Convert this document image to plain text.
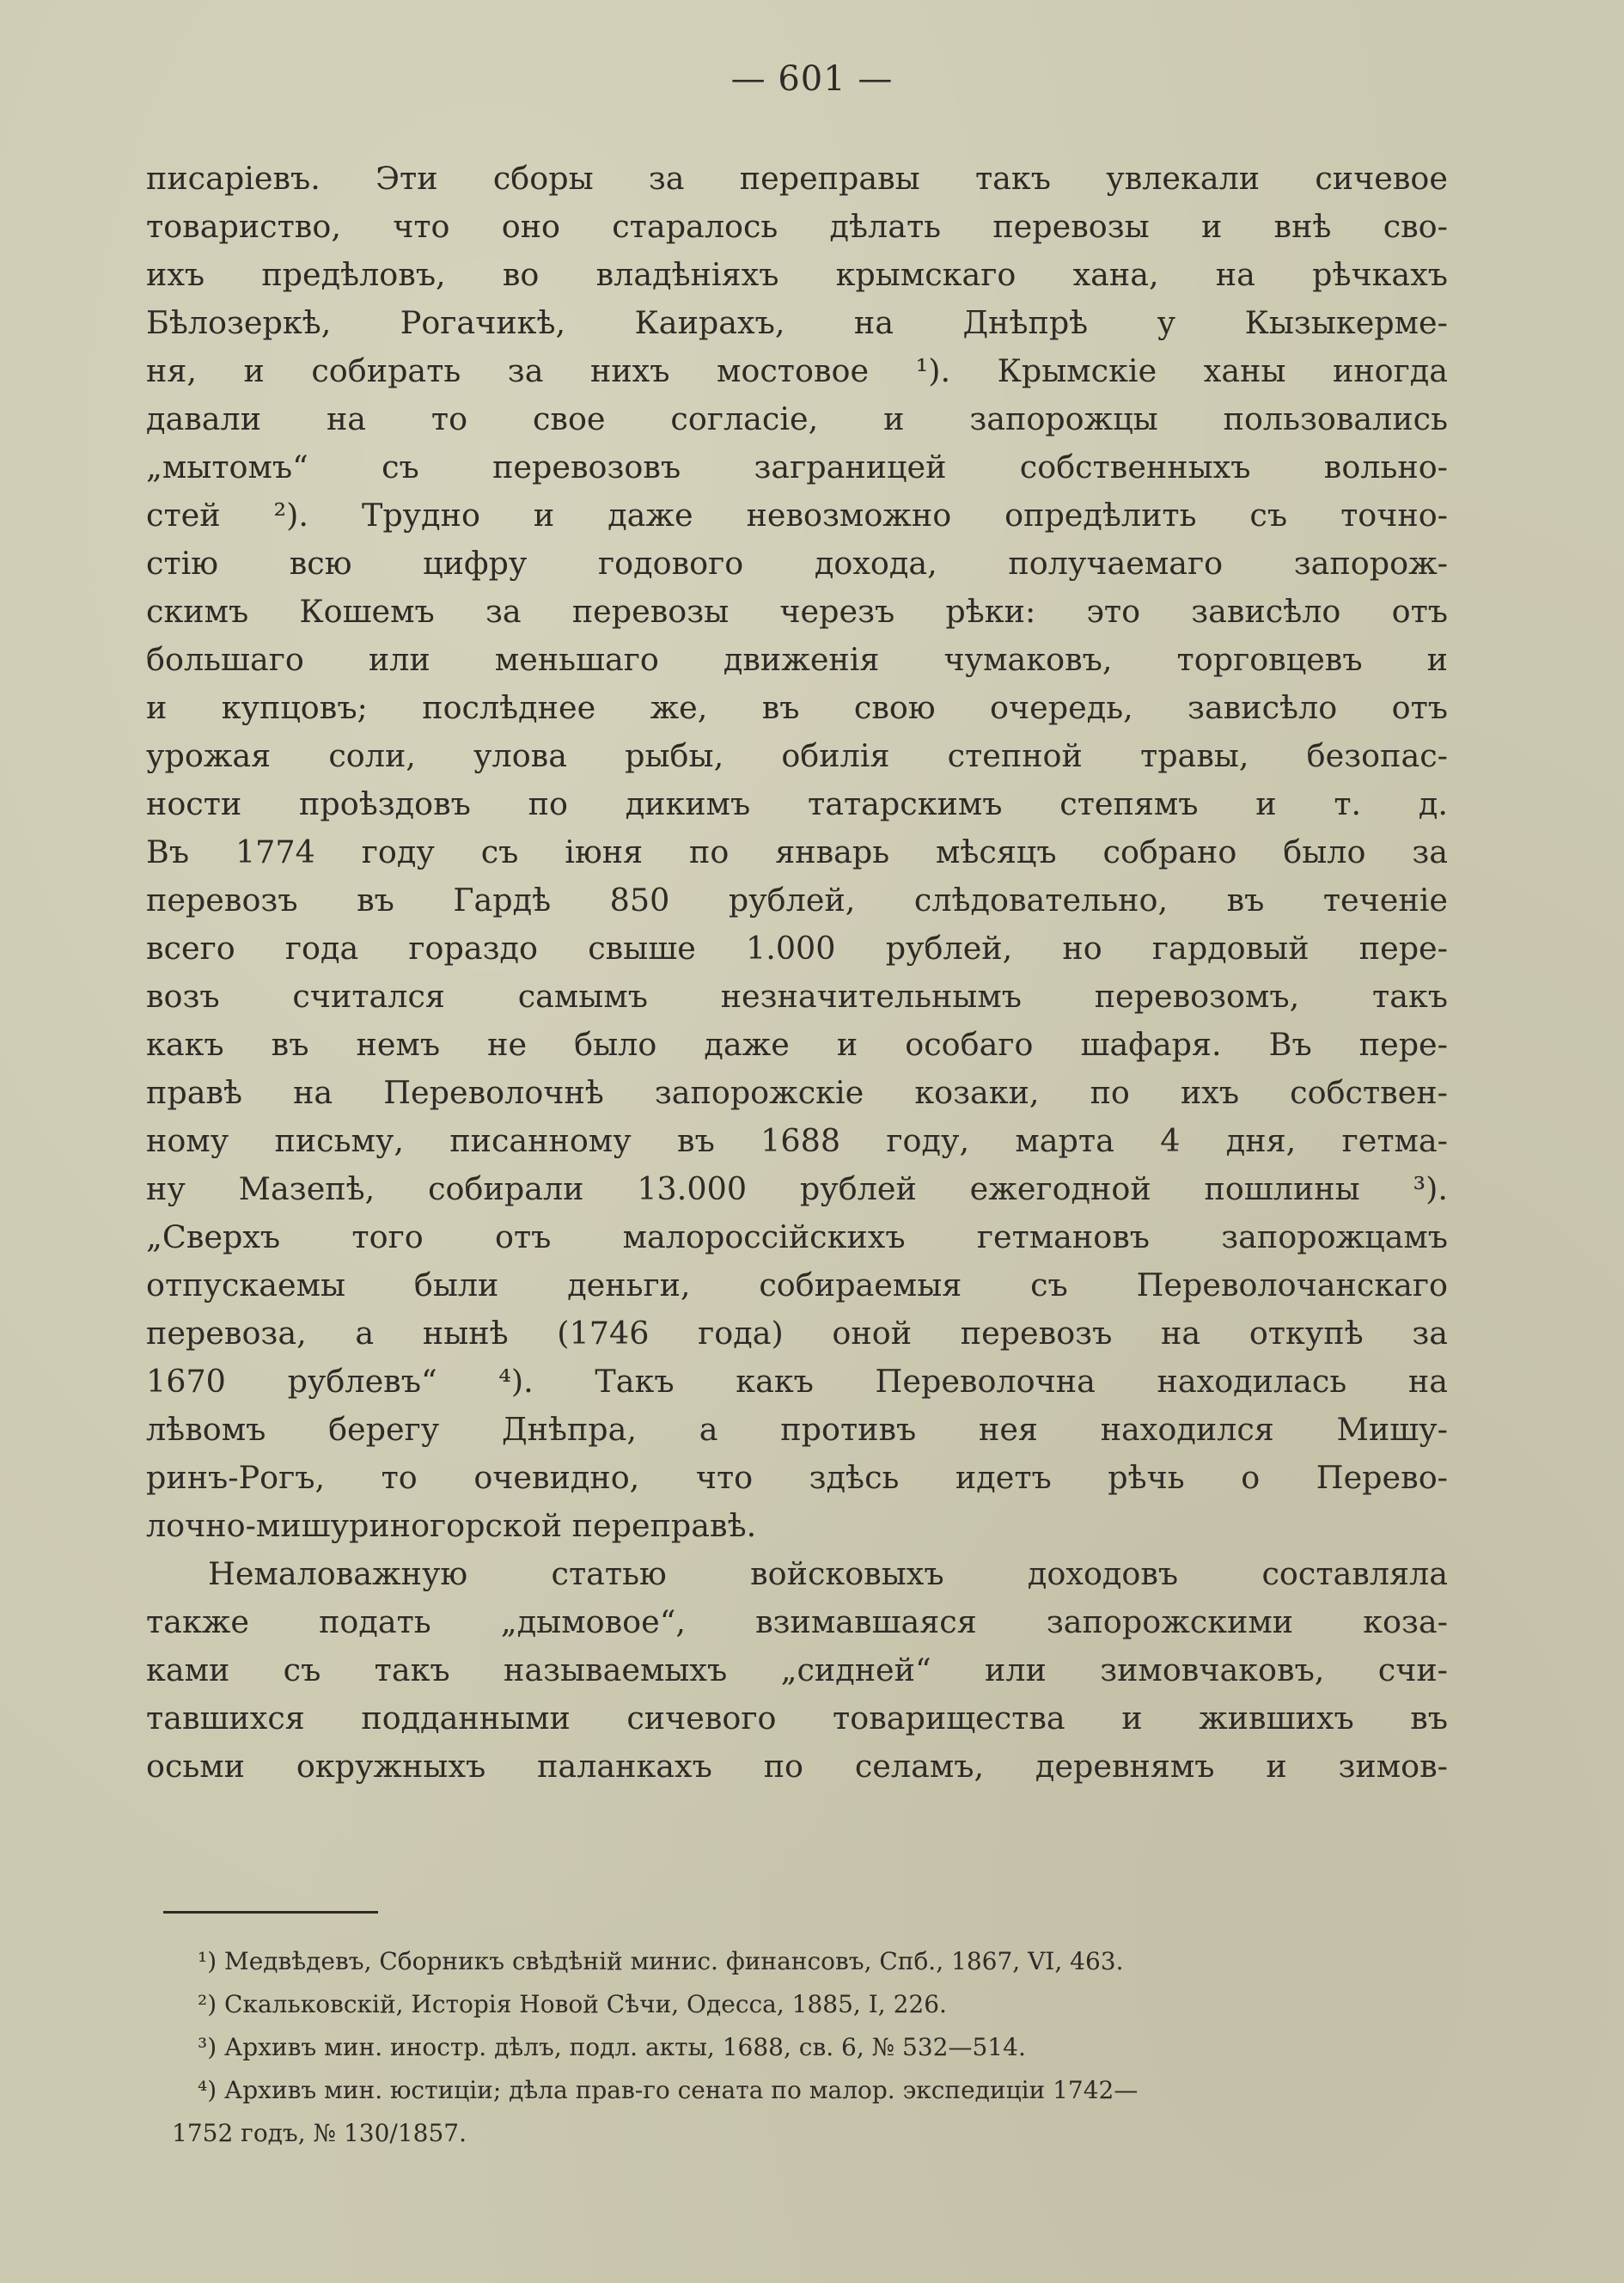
— 601 —
писаріевъ. Эти сборы за переправы такъ увлекали сичевое
товариство, что оно старалось дѣлать перевозы и внѣ сво-
ихъ предѣловъ, во владѣніяхъ крымскаго хана, на рѣчкахъ
Бѣлозеркѣ, Рогачикѣ, Каирахъ, на Днѣпрѣ у Кызыкерме-
ня, и собирать за нихъ мостовое ¹). Крымскіе ханы иногда
давали на то свое согласіе, и запорожцы пользовались
„мытомъ“ съ перевозовъ заграницей собственныхъ вольно-
стей ²). Трудно и даже невозможно опредѣлить съ точно-
стію всю цифру годового дохода, получаемаго запорож-
скимъ Кошемъ за перевозы черезъ рѣки: это зависѣло отъ
большаго или меньшаго движенія чумаковъ, торговцевъ и
и купцовъ; послѣднее же, въ свою очередь, зависѣло отъ
урожая соли, улова рыбы, обилія степной травы, безопас-
ности проѣздовъ по дикимъ татарскимъ степямъ и т. д.
Въ 1774 году съ іюня по январь мѣсяцъ собрано было за
перевозъ въ Гардѣ 850 рублей, слѣдовательно, въ теченіе
всего года гораздо свыше 1.000 рублей, но гардовый пере-
возъ считался самымъ незначительнымъ перевозомъ, такъ
какъ въ немъ не было даже и особаго шафаря. Въ пере-
правѣ на Переволочнѣ запорожскіе козаки, по ихъ собствен-
ному письму, писанному въ 1688 году, марта 4 дня, гетма-
ну Мазепѣ, собирали 13.000 рублей ежегодной пошлины ³).
„Сверхъ того отъ малороссійскихъ гетмановъ запорожцамъ
отпускаемы были деньги, собираемыя съ Переволочанскаго
перевоза, а нынѣ (1746 года) оной перевозъ на откупѣ за
1670 рублевъ“ ⁴). Такъ какъ Переволочна находилась на
лѣвомъ берегу Днѣпра, а противъ нея находился Мишу-
ринъ-Рогъ, то очевидно, что здѣсь идетъ рѣчь о Перево-
лочно-мишуриногорской переправѣ.
Немаловажную статью войсковыхъ доходовъ составляла
также подать „дымовое“, взимавшаяся запорожскими коза-
ками съ такъ называемыхъ „сидней“ или зимовчаковъ, счи-
тавшихся подданными сичевого товарищества и жившихъ въ
осьми окружныхъ паланкахъ по селамъ, деревнямъ и зимов-
¹) Медвѣдевъ, Сборникъ свѣдѣній минис. финансовъ, Спб., 1867, VI, 463.
²) Скальковскій, Исторія Новой Сѣчи, Одесса, 1885, I, 226.
³) Архивъ мин. иностр. дѣлъ, подл. акты, 1688, св. 6, № 532—514.
⁴) Архивъ мин. юстиціи; дѣла прав-го сената по малор. экспедиціи 1742—
1752 годъ, № 130/1857.
